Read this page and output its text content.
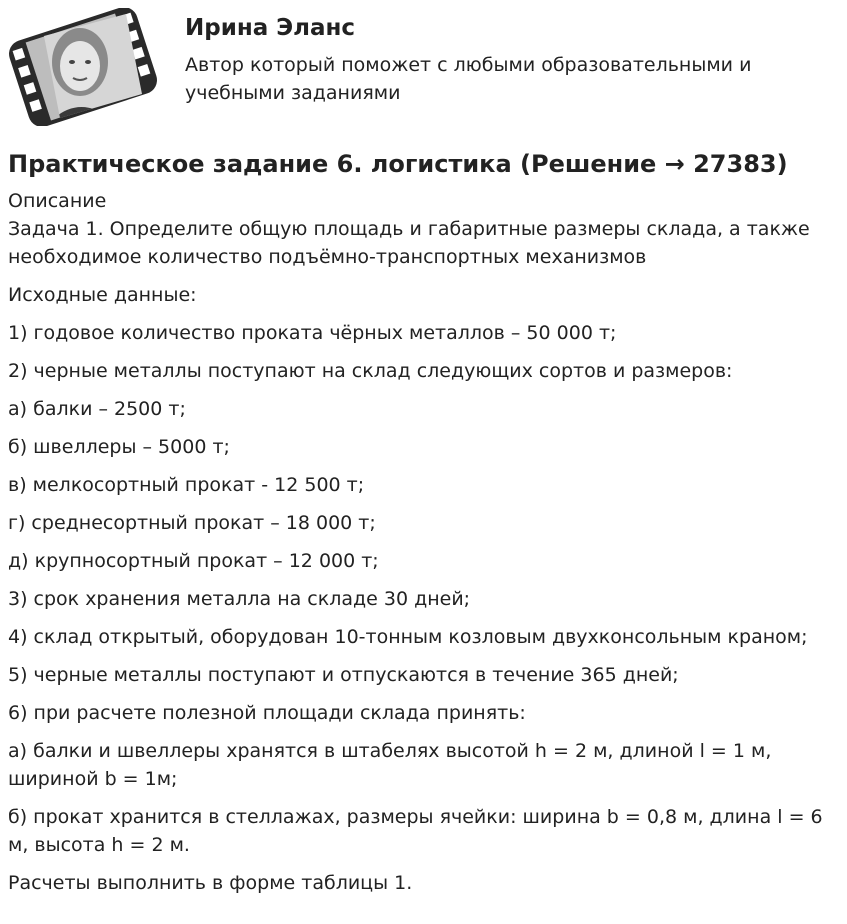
Ирина Эланс
Автор который поможет с любыми образовательными и учебными заданиями
Практическое задание 6. логистика (Решение → 27383)
Описание
Задача 1. Определите общую площадь и габаритные размеры склада, а также необходимое количество подъёмно-транспортных механизмов
Исходные данные:
1) годовое количество проката чёрных металлов – 50 000 т;
2) черные металлы поступают на склад следующих сортов и размеров:
а) балки – 2500 т;
б) швеллеры – 5000 т;
в) мелкосортный прокат - 12 500 т;
г) среднесортный прокат – 18 000 т;
д) крупносортный прокат – 12 000 т;
3) срок хранения металла на складе 30 дней;
4) склад открытый, оборудован 10-тонным козловым двухконсольным краном;
5) черные металлы поступают и отпускаются в течение 365 дней;
6) при расчете полезной площади склада принять:
а) балки и швеллеры хранятся в штабелях высотой h = 2 м, длиной l = 1 м, шириной b = 1м;
б) прокат хранится в стеллажах, размеры ячейки: ширина b = 0,8 м, длина l = 6 м, высота h = 2 м.
Расчеты выполнить в форме таблицы 1.
